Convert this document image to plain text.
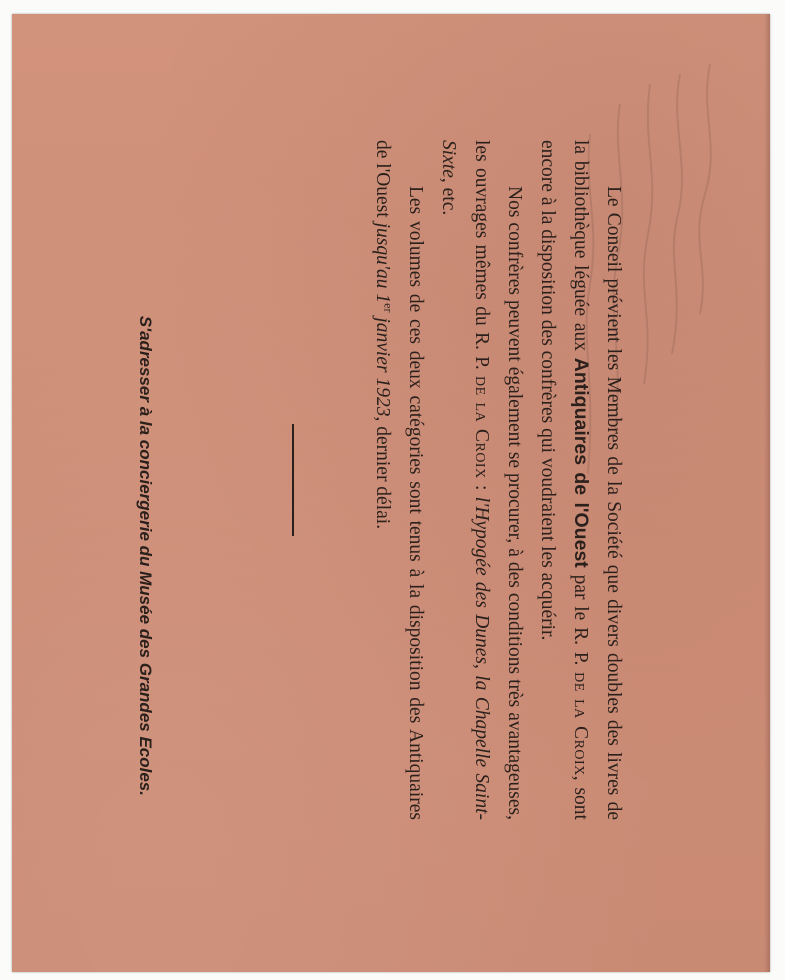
Le Conseil prévient les Membres de la Société que divers doubles des livres de la bibliothèque léguée aux Antiquaires de l'Ouest par le R. P. de la Croix, sont encore à la disposition des confrères qui voudraient les acquérir.

Nos confrères peuvent également se procurer, à des conditions très avantageuses, les ouvrages mêmes du R. P. de la Croix : l'Hypogée des Dunes, la Chapelle Saint-Sixte, etc.

Les volumes de ces deux catégories sont tenus à la disposition des Antiquaires de l'Ouest jusqu'au 1er janvier 1923, dernier délai.

S'adresser à la conciergerie du Musée des Grandes Ecoles.
